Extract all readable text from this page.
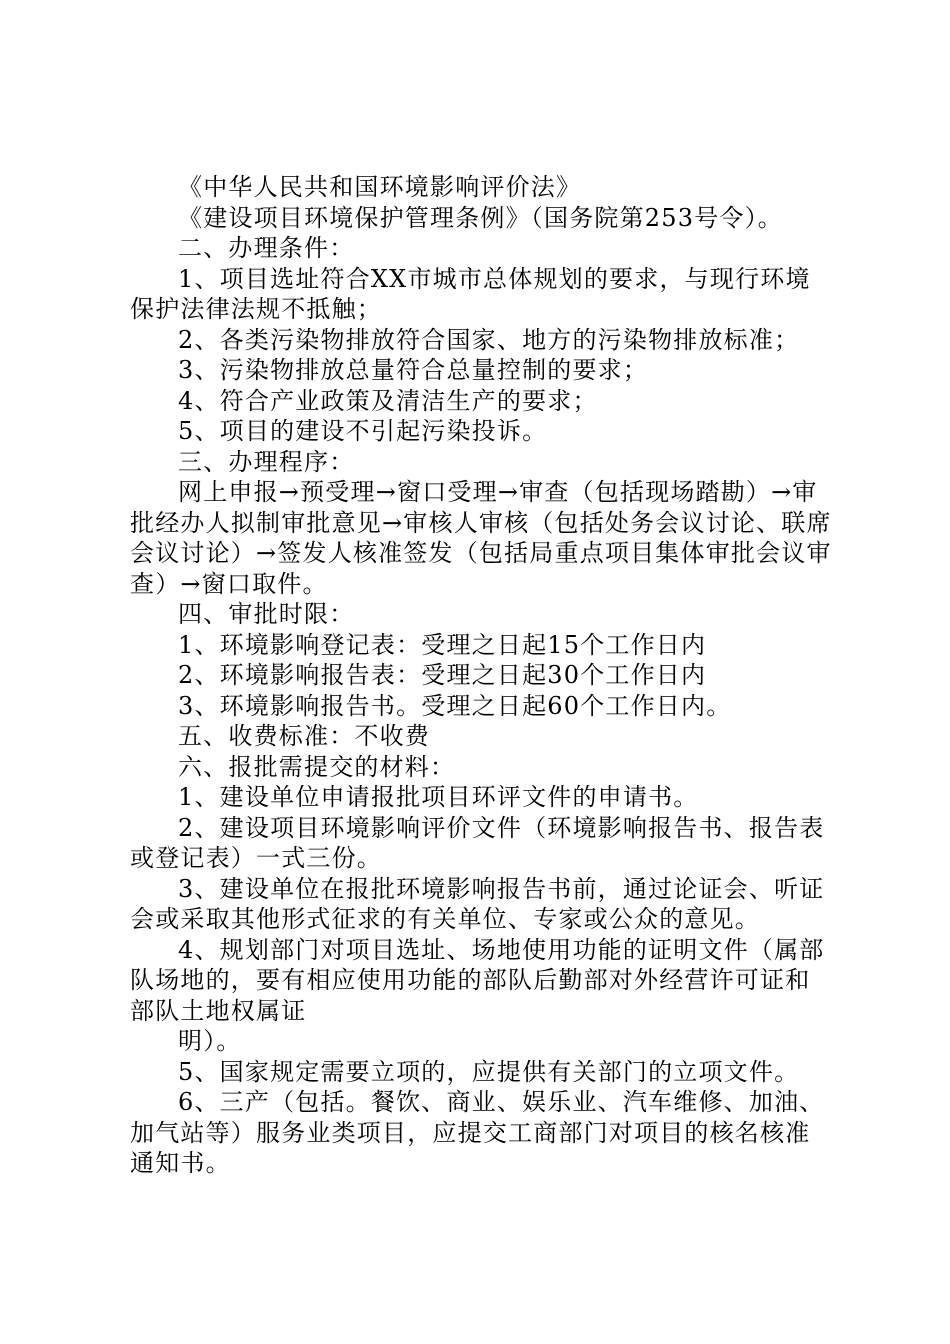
《中华人民共和国环境影响评价法》

《建设项目环境保护管理条例》（国务院第253号令）。

二、办理条件：

1、项目选址符合XX市城市总体规划的要求，与现行环境保护法律法规不抵触；

2、各类污染物排放符合国家、地方的污染物排放标准；

3、污染物排放总量符合总量控制的要求；

4、符合产业政策及清洁生产的要求；

5、项目的建设不引起污染投诉。

三、办理程序：

网上申报→预受理→窗口受理→审查（包括现场踏勘）→审批经办人拟制审批意见→审核人审核（包括处务会议讨论、联席会议讨论）→签发人核准签发（包括局重点项目集体审批会议审查）→窗口取件。

四、审批时限：

1、环境影响登记表：受理之日起15个工作日内

2、环境影响报告表：受理之日起30个工作日内

3、环境影响报告书。受理之日起60个工作日内。

五、收费标准：不收费

六、报批需提交的材料：

1、建设单位申请报批项目环评文件的申请书。

2、建设项目环境影响评价文件（环境影响报告书、报告表或登记表）一式三份。

3、建设单位在报批环境影响报告书前，通过论证会、听证会或采取其他形式征求的有关单位、专家或公众的意见。

4、规划部门对项目选址、场地使用功能的证明文件（属部队场地的，要有相应使用功能的部队后勤部对外经营许可证和部队土地权属证

明）。

5、国家规定需要立项的，应提供有关部门的立项文件。

6、三产（包括。餐饮、商业、娱乐业、汽车维修、加油、加气站等）服务业类项目，应提交工商部门对项目的核名核准通知书。
